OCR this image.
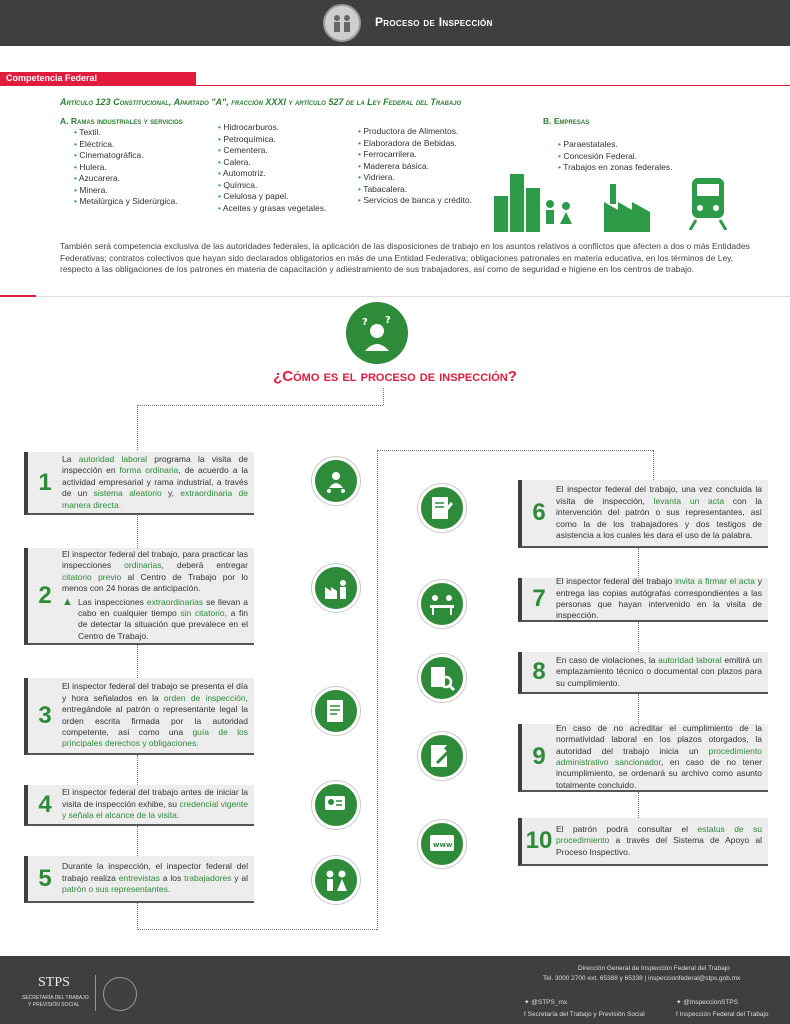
Proceso de Inspección
Competencia Federal
Artículo 123 Constitucional, Apartado "A", fracción XXXI y artículo 527 de la Ley Federal del Trabajo
A. Ramas industriales y servicios
• Textil.
• Eléctrica.
• Cinematográfica.
• Hulera.
• Azucarera.
• Minera.
• Metalúrgica y Siderúrgica.
• Hidrocarburos.
• Petroquímica.
• Cementera.
• Calera.
• Automotriz.
• Química.
• Celulosa y papel.
• Aceites y grasas vegetales.
• Productora de Alimentos.
• Elaboradora de Bebidas.
• Ferrocarrilera.
• Maderera básica.
• Vidriera.
• Tabacalera.
• Servicios de banca y crédito.
B. Empresas
• Paraestatales.
• Concesión Federal.
• Trabajos en zonas federales.
También será competencia exclusiva de las autoridades federales, la aplicación de las disposiciones de trabajo en los asuntos relativos a conflictos que afecten a dos o más Entidades Federativas; contratos colectivos que hayan sido declarados obligatorios en más de una Entidad Federativa; obligaciones patronales en materia educativa, en los términos de Ley, respecto a las obligaciones de los patrones en materia de capacitación y adiestramiento de sus trabajadores, así como de seguridad e higiene en los centros de trabajo.
? ?
¿Cómo es el proceso de inspección?
1
La autoridad laboral programa la visita de inspección en forma ordinaria, de acuerdo a la actividad empresarial y rama industrial, a través de un sistema aleatorio y, extraordinaria de manera directa.
2
El inspector federal del trabajo, para practicar las inspecciones ordinarias, deberá entregar citatorio previo al Centro de Trabajo por lo menos con 24 horas de anticipación.
▲ Las inspecciones extraordinarias se llevan a cabo en cualquier tiempo sin citatorio, a fin de detectar la situación que prevalece en el Centro de Trabajo.
3
El inspector federal del trabajo se presenta el día y hora señalados en la orden de inspección, entregándole al patrón o representante legal la orden escrita firmada por la autoridad competente, así como una guía de los principales derechos y obligaciones.
4	El inspector federal del trabajo antes de iniciar la visita de inspección exhibe, su credencial vigente y señala el alcance de la visita.
5	Durante la inspección, el inspector federal del trabajo realiza entrevistas a los trabajadores y al patrón o sus representantes.
6
El inspector federal del trabajo, una vez concluida la visita de inspección, levanta un acta con la intervención del patrón o sus representantes, así como la de los trabajadores y dos testigos de asistencia a los cuales les dara el uso de la palabra.
7
El inspector federal del trabajo invita a firmar el acta y entrega las copias autógrafas correspondientes a las personas que hayan intervenido en la visita de inspección.
8	En caso de violaciones, la autoridad laboral emitirá un emplazamiento técnico o documental con plazos para su cumplimiento.
9
En caso de no acreditar el cumplimiento de la normatividad laboral en los plazos otorgados, la autoridad del trabajo inicia un procedimiento administrativo sancionador, en caso de no tener incumplimiento, se ordenará su archivo como asunto totalmente concluido.
10 El patrón podrá consultar el estatus de su procedimiento a través del Sistema de Apoyo al Proceso Inspectivo.
www
STPS
SECRETARÍA DEL TRABAJO
Y PREVISIÓN SOCIAL
Dirección General de Inspección Federal del Trabajo
Tel. 3000 2700 ext. 65388 y 65338 | inspeccionfederal@stps.gob.mx
✦ @STPS_mx	✦ @InspeccionSTPS
f Secretaría del Trabajo y Previsión Social	f Inspección Federal del Trabajo
